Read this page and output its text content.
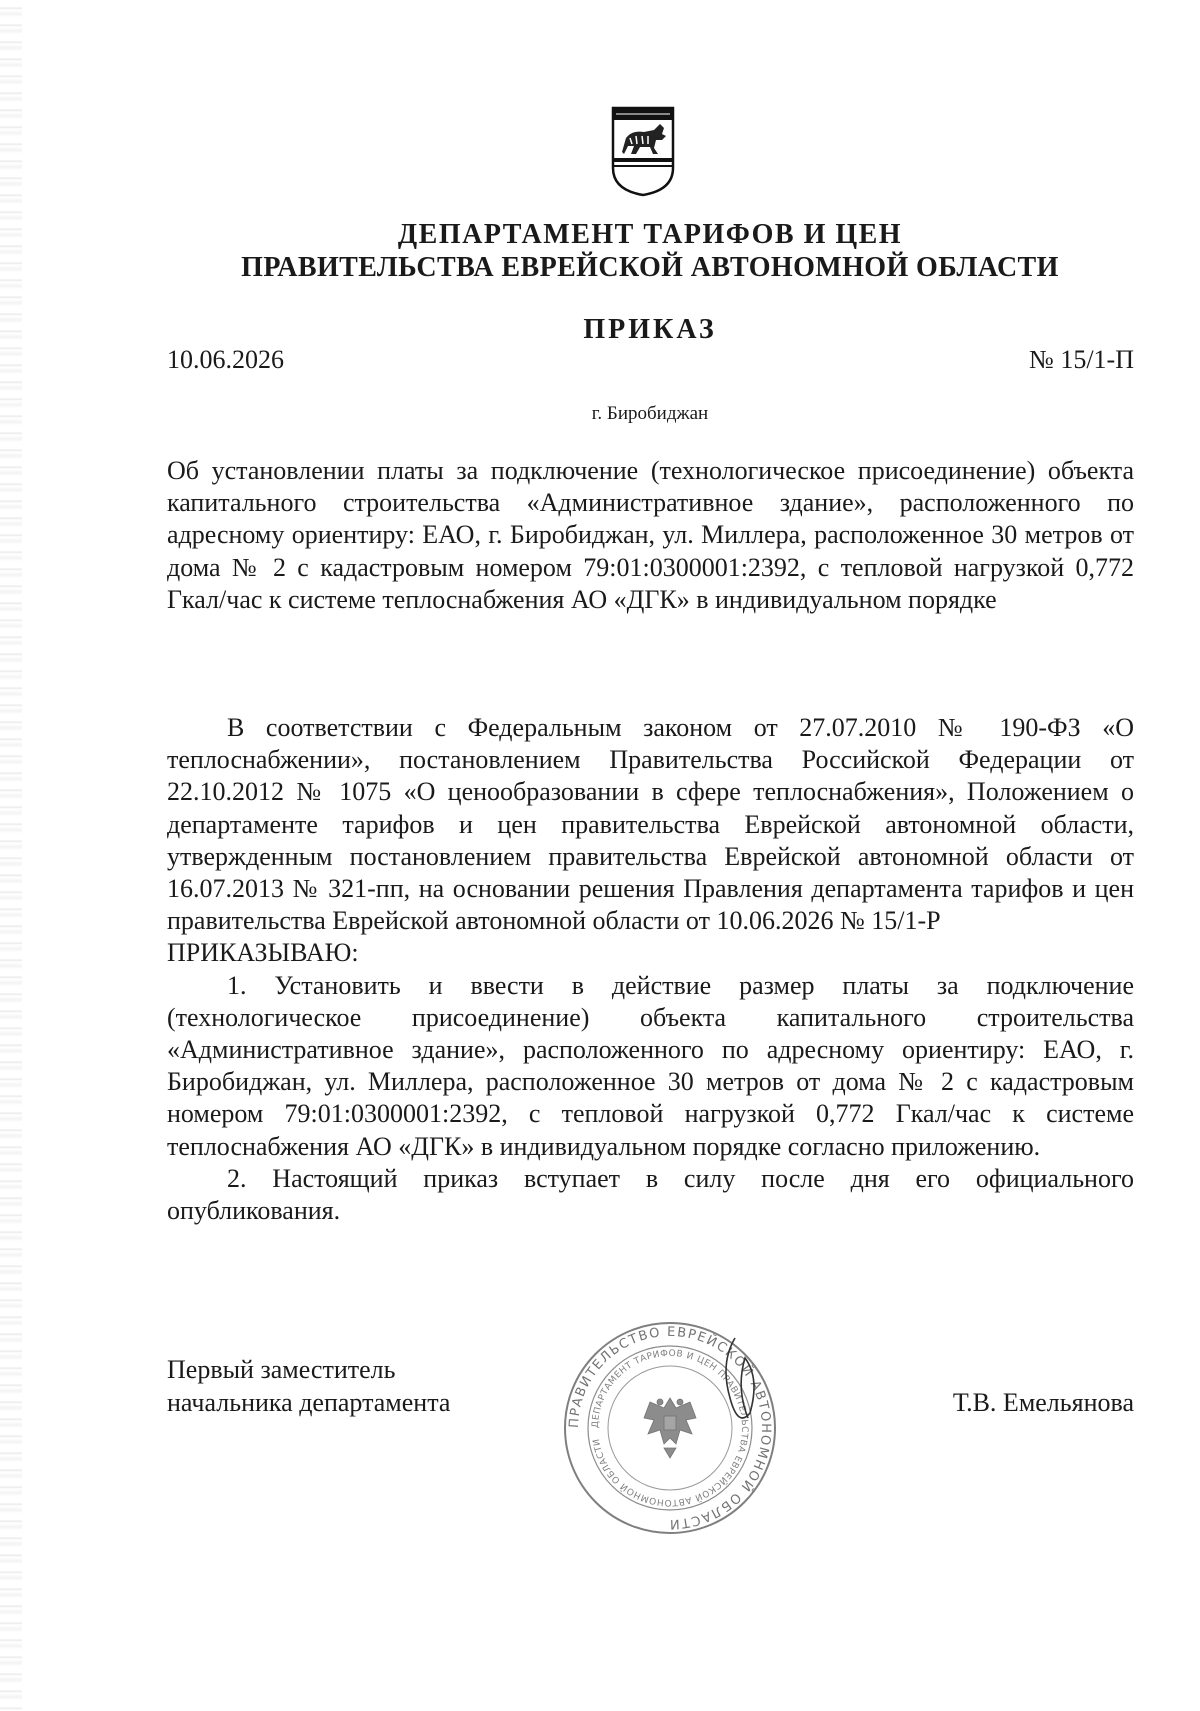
ДЕПАРТАМЕНТ ТАРИФОВ И ЦЕН
ПРАВИТЕЛЬСТВА ЕВРЕЙСКОЙ АВТОНОМНОЙ ОБЛАСТИ
ПРИКАЗ
10.06.2026	№ 15/1-П
г. Биробиджан
Об установлении платы за подключение (технологическое присоединение) объекта капитального строительства «Административное здание», расположенного по адресному ориентиру: ЕАО, г. Биробиджан, ул. Миллера, расположенное 30 метров от дома № 2 с кадастровым номером 79:01:0300001:2392, с тепловой нагрузкой 0,772 Гкал/час к системе теплоснабжения АО «ДГК» в индивидуальном порядке

В соответствии с Федеральным законом от 27.07.2010 № 190-ФЗ «О теплоснабжении», постановлением Правительства Российской Федерации от 22.10.2012 № 1075 «О ценообразовании в сфере теплоснабжения», Положением о департаменте тарифов и цен правительства Еврейской автономной области, утвержденным постановлением правительства Еврейской автономной области от 16.07.2013 № 321-пп, на основании решения Правления департамента тарифов и цен правительства Еврейской автономной области от 10.06.2026 № 15/1-Р

ПРИКАЗЫВАЮ:

1. Установить и ввести в действие размер платы за подключение (технологическое присоединение) объекта капитального строительства «Административное здание», расположенного по адресному ориентиру: ЕАО, г. Биробиджан, ул. Миллера, расположенное 30 метров от дома № 2 с кадастровым номером 79:01:0300001:2392, с тепловой нагрузкой 0,772 Гкал/час к системе теплоснабжения АО «ДГК» в индивидуальном порядке согласно приложению.

2. Настоящий приказ вступает в силу после дня его официального опубликования.

Первый заместитель
начальника департамента
ПРАВИТЕЛЬСТВО ЕВРЕЙСКОЙ АВТОНОМНОЙ ОБЛАСТИ
ДЕПАРТАМЕНТ ТАРИФОВ И ЦЕН ПРАВИТЕЛЬСТВА ЕВРЕЙСКОЙ АВТОНОМНОЙ ОБЛАСТИ
Т.В. Емельянова
